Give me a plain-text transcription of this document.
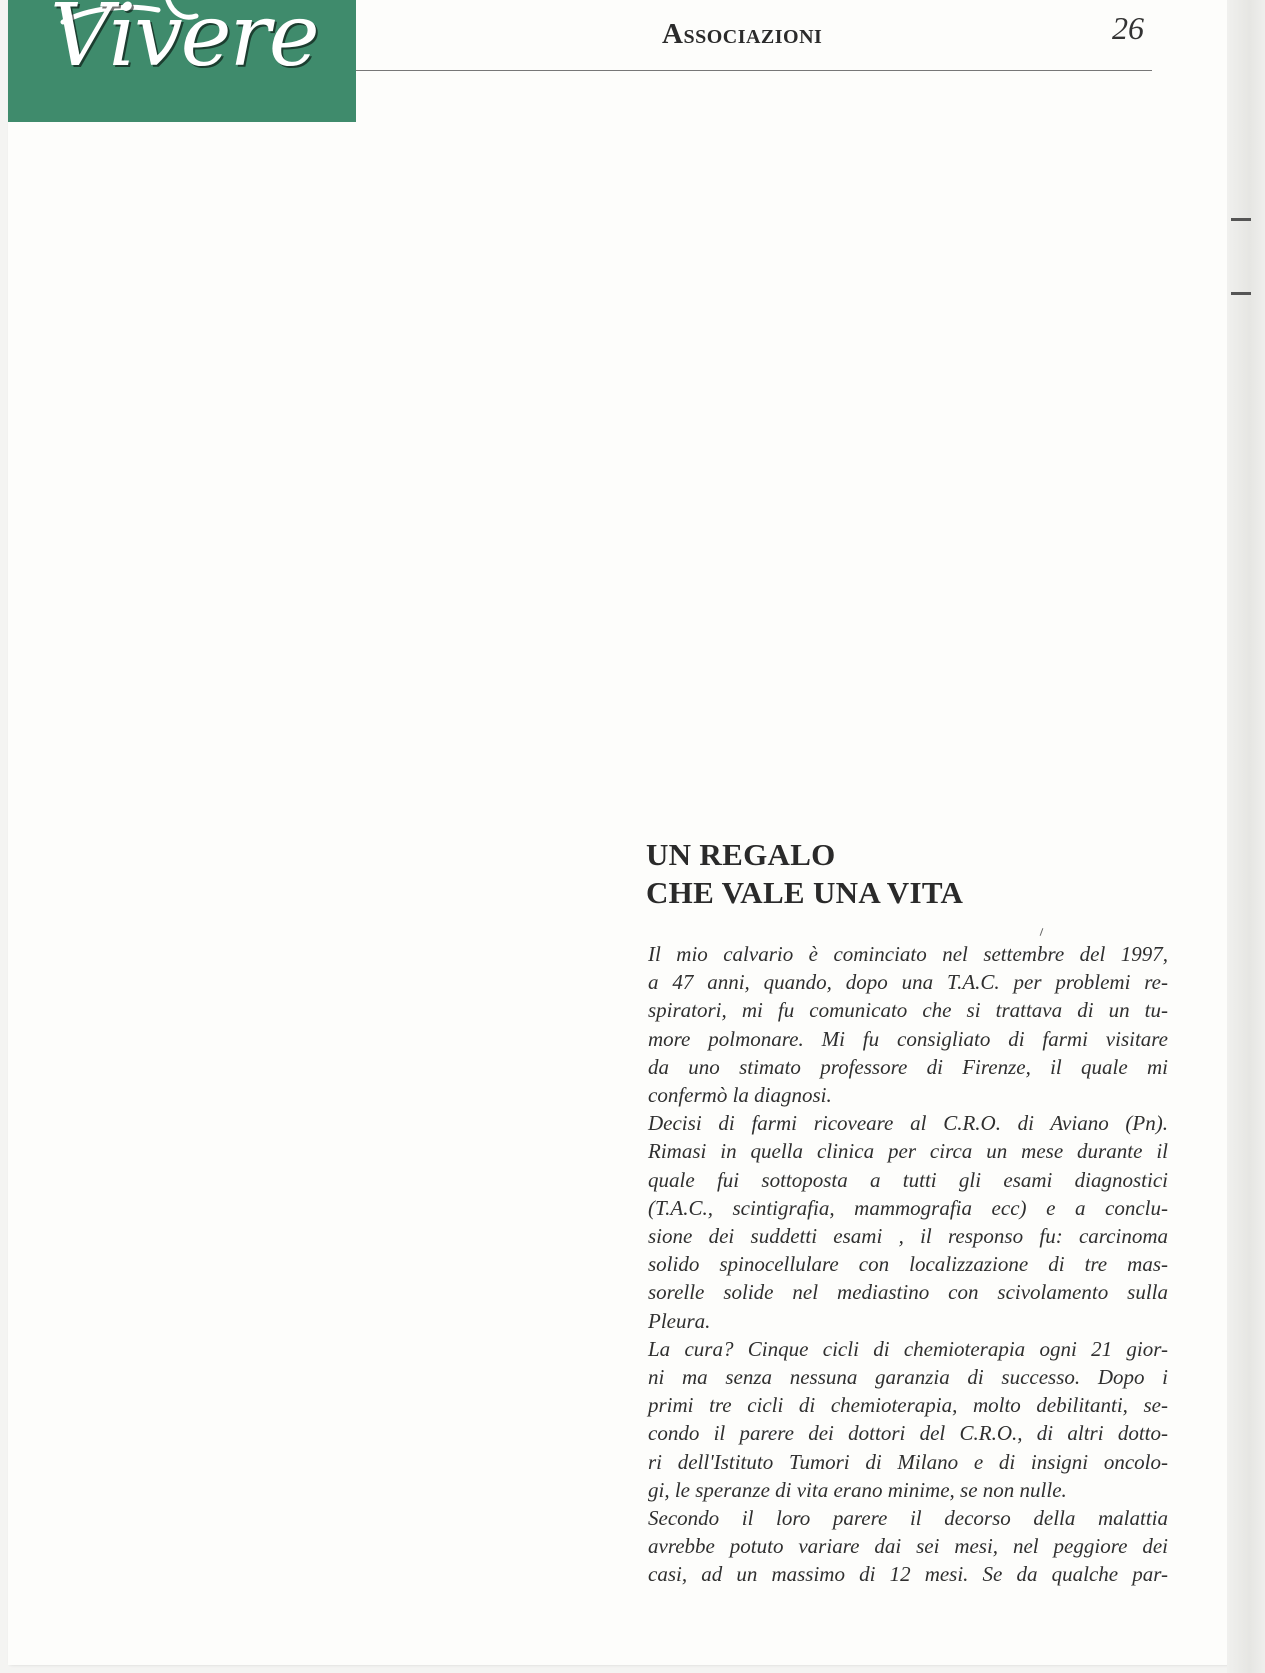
Vivere	Associazioni	26
UN REGALO
CHE VALE UNA VITA
Il mio calvario è cominciato nel settembre del 1997,
a 47 anni, quando, dopo una T.A.C. per problemi re-
spiratori, mi fu comunicato che si trattava di un tu-
more polmonare. Mi fu consigliato di farmi visitare
da uno stimato professore di Firenze, il quale mi
confermò la diagnosi.
Decisi di farmi ricoveare al C.R.O. di Aviano (Pn).
Rimasi in quella clinica per circa un mese durante il
quale fui sottoposta a tutti gli esami diagnostici
(T.A.C., scintigrafia, mammografia ecc) e a conclu-
sione dei suddetti esami , il responso fu: carcinoma
solido spinocellulare con localizzazione di tre mas-
sorelle solide nel mediastino con scivolamento sulla
Pleura.
La cura? Cinque cicli di chemioterapia ogni 21 gior-
ni ma senza nessuna garanzia di successo. Dopo i
primi tre cicli di chemioterapia, molto debilitanti, se-
condo il parere dei dottori del C.R.O., di altri dotto-
ri dell'Istituto Tumori di Milano e di insigni oncolo-
gi, le speranze di vita erano minime, se non nulle.
Secondo il loro parere il decorso della malattia
avrebbe potuto variare dai sei mesi, nel peggiore dei
casi, ad un massimo di 12 mesi. Se da qualche par-
